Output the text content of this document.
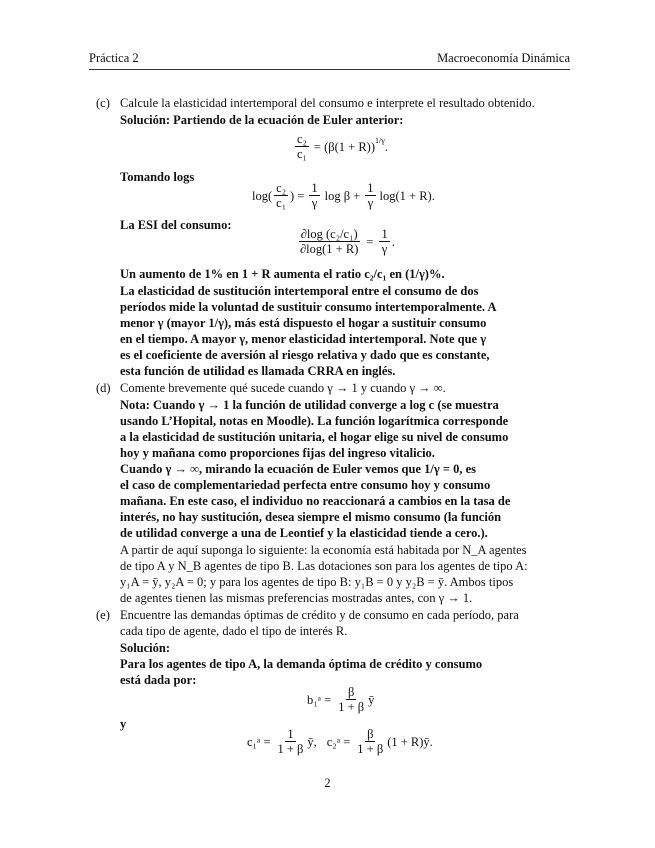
Práctica 2	Macroeconomía Dinámica
(c) Calcule la elasticidad intertemporal del consumo e interprete el resultado obtenido.
Solución: Partiendo de la ecuación de Euler anterior:
$\frac{\text{c₂}}{\text{c₁}} = (\beta(1 + R))^{1/\gamma}$ .
Tomando logs
$\log( \frac{\text{c₂}}{\text{c₁}}$ ) = $\frac{1}{\gamma}$ $\log \beta + \frac{1}{\gamma} \log(1 + R)$.
La ESI del consumo:
$\frac{\text{∂log (c₂/c₁)}}{\partial\log(1 + R)} = \frac{1}{\gamma}$ .
Un aumento de 1% en 1 + R aumenta el ratio c₂/c₁ en (1/γ)%.
La elasticidad de sustitución intertemporal entre el consumo de dos
períodos mide la voluntad de sustituir consumo intertemporalmente. A
menor γ (mayor 1/γ), más está dispuesto el hogar a sustituir consumo
en el tiempo. A mayor γ, menor elasticidad intertemporal. Note que γ
es el coeficiente de aversión al riesgo relativa y dado que es constante,
esta función de utilidad es llamada CRRA en inglés.
(d) Comente brevemente qué sucede cuando γ → 1 y cuando γ → ∞.
Nota: Cuando γ → 1 la función de utilidad converge a log c (se muestra
usando L’Hopital, notas en Moodle). La función logarítmica corresponde
a la elasticidad de sustitución unitaria, el hogar elige su nivel de consumo
hoy y mañana como proporciones fijas del ingreso vitalicio.
Cuando γ → ∞, mirando la ecuación de Euler vemos que 1/γ = 0, es
el caso de complementariedad perfecta entre consumo hoy y consumo
mañana. En este caso, el individuo no reaccionará a cambios en la tasa de
interés, no hay sustitución, desea siempre el mismo consumo (la función
de utilidad converge a una de Leontief y la elasticidad tiende a cero.).
A partir de aquí suponga lo siguiente: la economía está habitada por N_A agentes
de tipo A y N_B agentes de tipo B. Las dotaciones son para los agentes de tipo A:
y₁A = ȳ, y₂A = 0; y para los agentes de tipo B: y₁B = 0 y y₂B = ȳ. Ambos tipos
de agentes tienen las mismas preferencias mostradas antes, con γ → 1.
(e) Encuentre las demandas óptimas de crédito y de consumo en cada período, para
cada tipo de agente, dado el tipo de interés R.
Solución:
Para los agentes de tipo A, la demanda óptima de crédito y consumo
está dada por:
b₁ᵃ = $\frac{\beta}{1 + \beta}$ ȳ
y
c₁ᵃ = $\frac{1}{1 + \beta}$ ȳ, c₂ᵃ = $\frac{\beta}{1 + \beta} (1$ + R)ȳ.
2
